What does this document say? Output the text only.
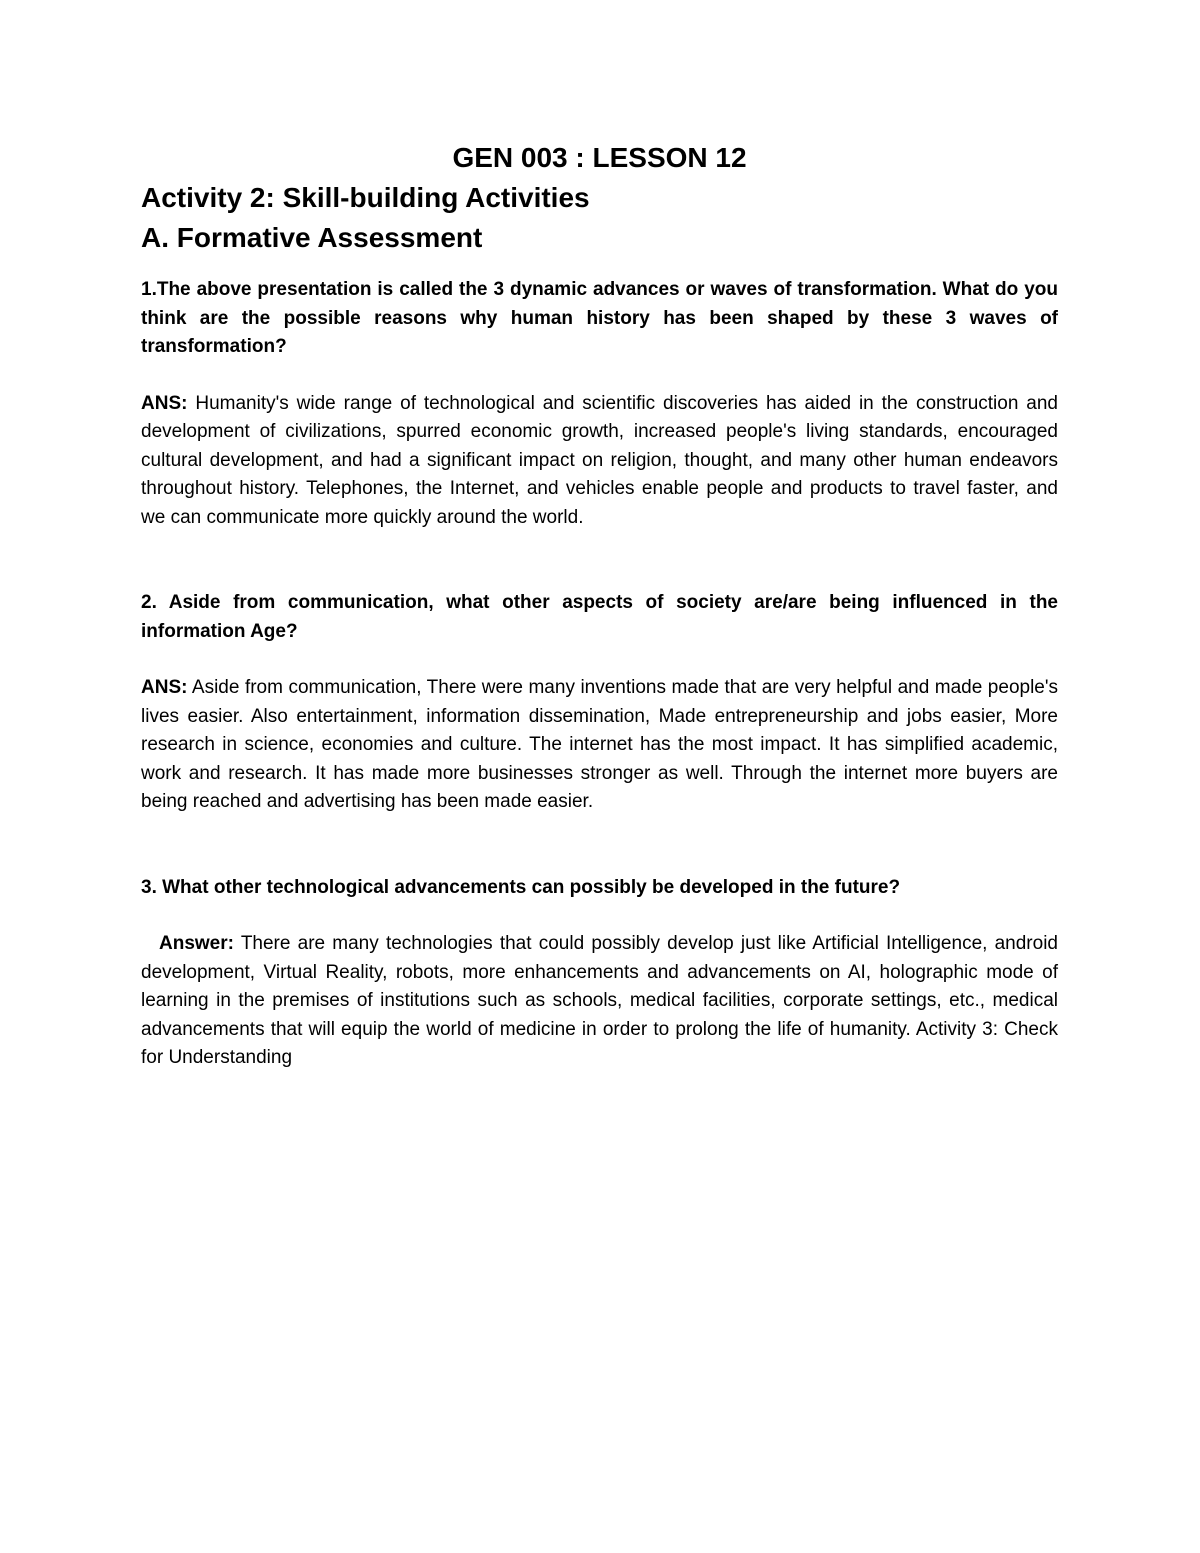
GEN 003 : LESSON 12
Activity 2: Skill-building Activities
A. Formative Assessment

1.The above presentation is called the 3 dynamic advances or waves of transformation. What do you think are the possible reasons why human history has been shaped by these 3 waves of transformation?

ANS: Humanity's wide range of technological and scientific discoveries has aided in the construction and development of civilizations, spurred economic growth, increased people's living standards, encouraged cultural development, and had a significant impact on religion, thought, and many other human endeavors throughout history. Telephones, the Internet, and vehicles enable people and products to travel faster, and we can communicate more quickly around the world.

2. Aside from communication, what other aspects of society are/are being influenced in the information Age?

ANS: Aside from communication, There were many inventions made that are very helpful and made people's lives easier. Also entertainment, information dissemination, Made entrepreneurship and jobs easier, More research in science, economies and culture. The internet has the most impact. It has simplified academic, work and research. It has made more businesses stronger as well. Through the internet more buyers are being reached and advertising has been made easier.

3. What other technological advancements can possibly be developed in the future?

Answer: There are many technologies that could possibly develop just like Artificial Intelligence, android development, Virtual Reality, robots, more enhancements and advancements on AI, holographic mode of learning in the premises of institutions such as schools, medical facilities, corporate settings, etc., medical advancements that will equip the world of medicine in order to prolong the life of humanity. Activity 3: Check for Understanding
